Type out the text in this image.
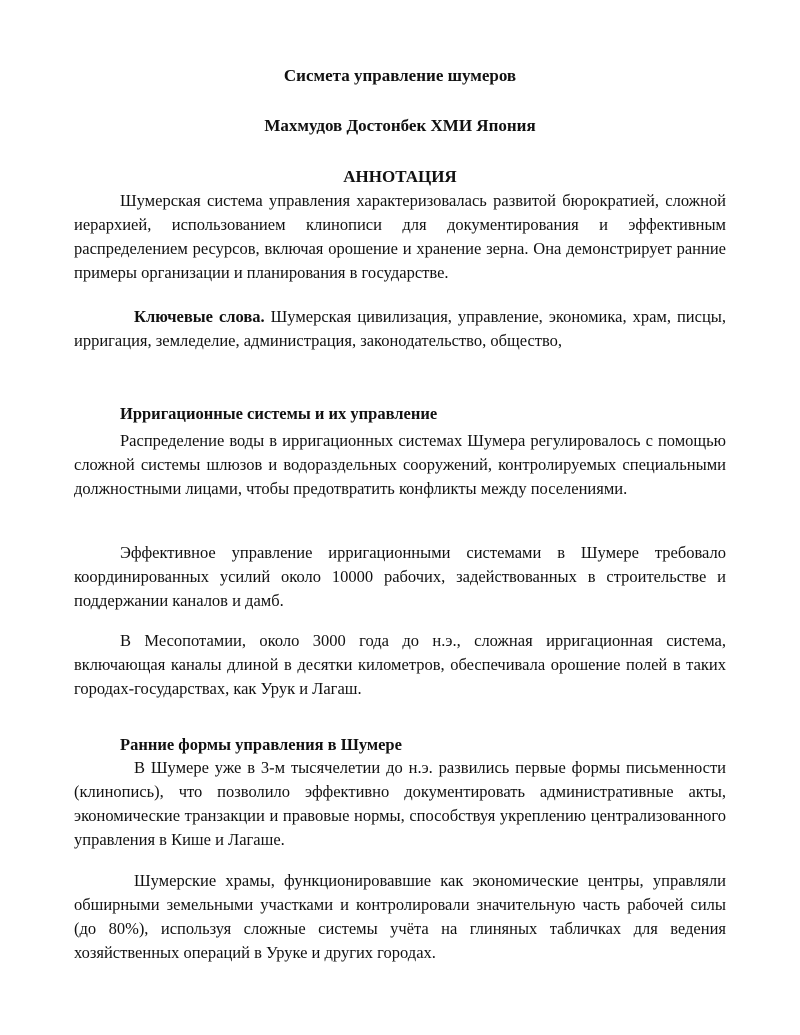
Сисмета управление шумеров
Махмудов Достонбек ХМИ Япония
АННОТАЦИЯ
Шумерская система управления характеризовалась развитой бюрократией, сложной иерархией, использованием клинописи для документирования и эффективным распределением ресурсов, включая орошение и хранение зерна. Она демонстрирует ранние примеры организации и планирования в государстве.
Ключевые слова. Шумерская цивилизация, управление, экономика, храм, писцы, ирригация, земледелие, администрация, законодательство, общество,
Ирригационные системы и их управление
Распределение воды в ирригационных системах Шумера регулировалось с помощью сложной системы шлюзов и водораздельных сооружений, контролируемых специальными должностными лицами, чтобы предотвратить конфликты между поселениями.
Эффективное управление ирригационными системами в Шумере требовало координированных усилий около 10000 рабочих, задействованных в строительстве и поддержании каналов и дамб.
В Месопотамии, около 3000 года до н.э., сложная ирригационная система, включающая каналы длиной в десятки километров, обеспечивала орошение полей в таких городах-государствах, как Урук и Лагаш.
Ранние формы управления в Шумере
В Шумере уже в 3-м тысячелетии до н.э. развились первые формы письменности (клинопись), что позволило эффективно документировать административные акты, экономические транзакции и правовые нормы, способствуя укреплению централизованного управления в Кише и Лагаше.
Шумерские храмы, функционировавшие как экономические центры, управляли обширными земельными участками и контролировали значительную часть рабочей силы (до 80%), используя сложные системы учёта на глиняных табличках для ведения хозяйственных операций в Уруке и других городах.
